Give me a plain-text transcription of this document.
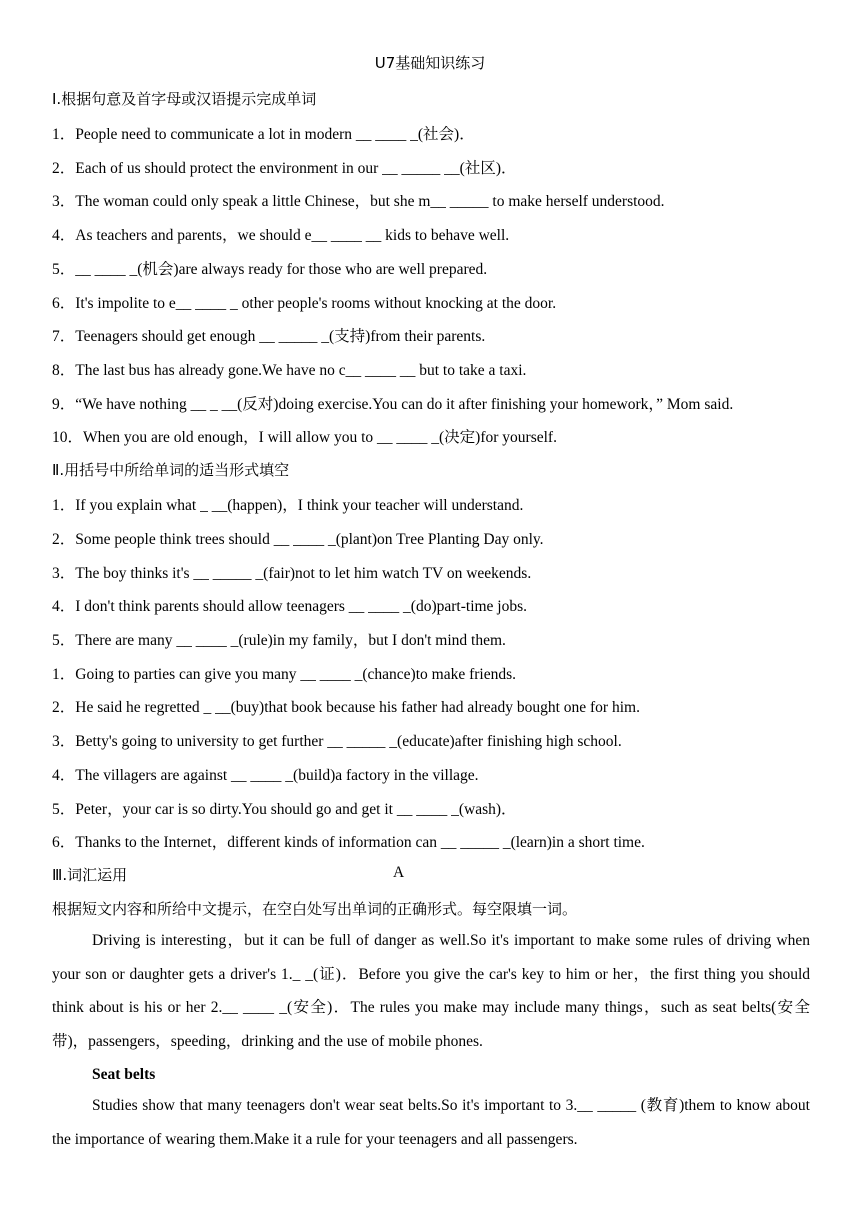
U7基础知识练习
Ⅰ.根据句意及首字母或汉语提示完成单词
1．People need to communicate a lot in modern __ ____ _(社会)．
2．Each of us should protect the environment in our __ _____ __(社区)．
3．The woman could only speak a little Chinese，but she m__ _____ to make herself understood.
4．As teachers and parents，we should e__ ____ __ kids to behave well.
5．__ ____ _(机会)are always ready for those who are well prepared.
6．It's impolite to e__ ____ _ other people's rooms without knocking at the door.
7．Teenagers should get enough __ _____ _(支持)from their parents.
8．The last bus has already gone.We have no c__ ____ __ but to take a taxi.
9．“We have nothing __ _ __(反对)doing exercise.You can do it after finishing your homework，” Mom said.
10．When you are old enough，I will allow you to __ ____ _(决定)for yourself.
Ⅱ.用括号中所给单词的适当形式填空
1．If you explain what _ __(happen)，I think your teacher will understand.
2．Some people think trees should __ ____ _(plant)on Tree Planting Day only.
3．The boy thinks it's __ _____ _(fair)not to let him watch TV on weekends.
4．I don't think parents should allow teenagers __ ____ _(do)part-time jobs.
5．There are many __ ____ _(rule)in my family，but I don't mind them.
1．Going to parties can give you many __ ____ _(chance)to make friends.
2．He said he regretted _ __(buy)that book because his father had already bought one for him.
3．Betty's going to university to get further __ _____ _(educate)after finishing high school.
4．The villagers are against __ ____ _(build)a factory in the village.
5．Peter，your car is so dirty.You should go and get it __ ____ _(wash)．
6．Thanks to the Internet，different kinds of information can __ _____ _(learn)in a short time.
Ⅲ.词汇运用	A
根据短文内容和所给中文提示，在空白处写出单词的正确形式。每空限填一词。
Driving is interesting，but it can be full of danger as well.So it's important to make some rules of driving when your son or daughter gets a driver's 1._ _(证)．Before you give the car's key to him or her，the first thing you should think about is his or her 2.__ ____ _(安全)．The rules you make may include many things，such as seat belts(安全带)，passengers，speeding，drinking and the use of mobile phones.
Seat belts
Studies show that many teenagers don't wear seat belts.So it's important to 3.__ _____ (教育)them to know about the importance of wearing them.Make it a rule for your teenagers and all passengers.
